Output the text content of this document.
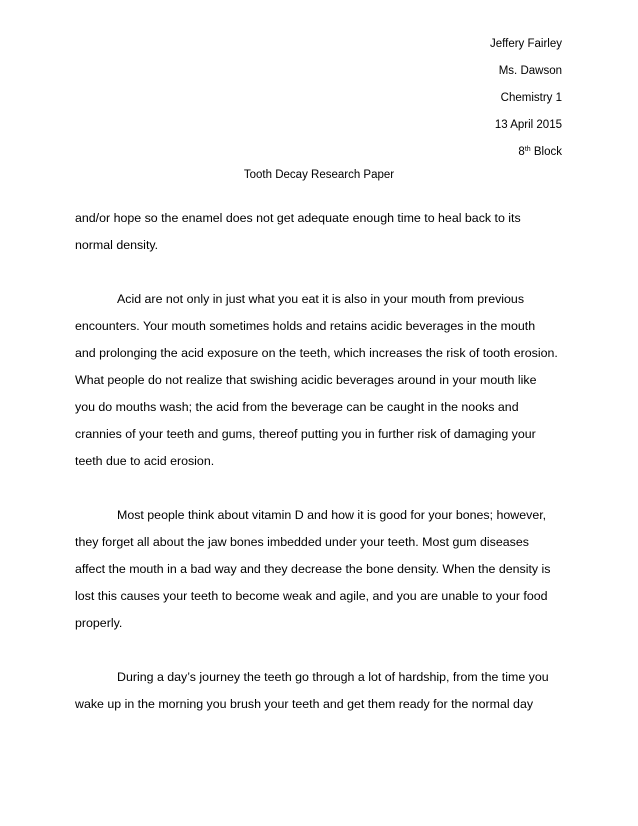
Jeffery Fairley
Ms. Dawson
Chemistry 1
13 April 2015
8th Block
Tooth Decay Research Paper
and/or hope so the enamel does not get adequate enough time to heal back to its
normal density.
Acid are not only in just what you eat it is also in your mouth from previous
encounters. Your mouth sometimes holds and retains acidic beverages in the mouth
and prolonging the acid exposure on the teeth, which increases the risk of tooth erosion.
What people do not realize that swishing acidic beverages around in your mouth like
you do mouths wash; the acid from the beverage can be caught in the nooks and
crannies of your teeth and gums, thereof putting you in further risk of damaging your
teeth due to acid erosion.
Most people think about vitamin D and how it is good for your bones; however,
they forget all about the jaw bones imbedded under your teeth. Most gum diseases
affect the mouth in a bad way and they decrease the bone density. When the density is
lost this causes your teeth to become weak and agile, and you are unable to your food
properly.
During a day’s journey the teeth go through a lot of hardship, from the time you
wake up in the morning you brush your teeth and get them ready for the normal day
